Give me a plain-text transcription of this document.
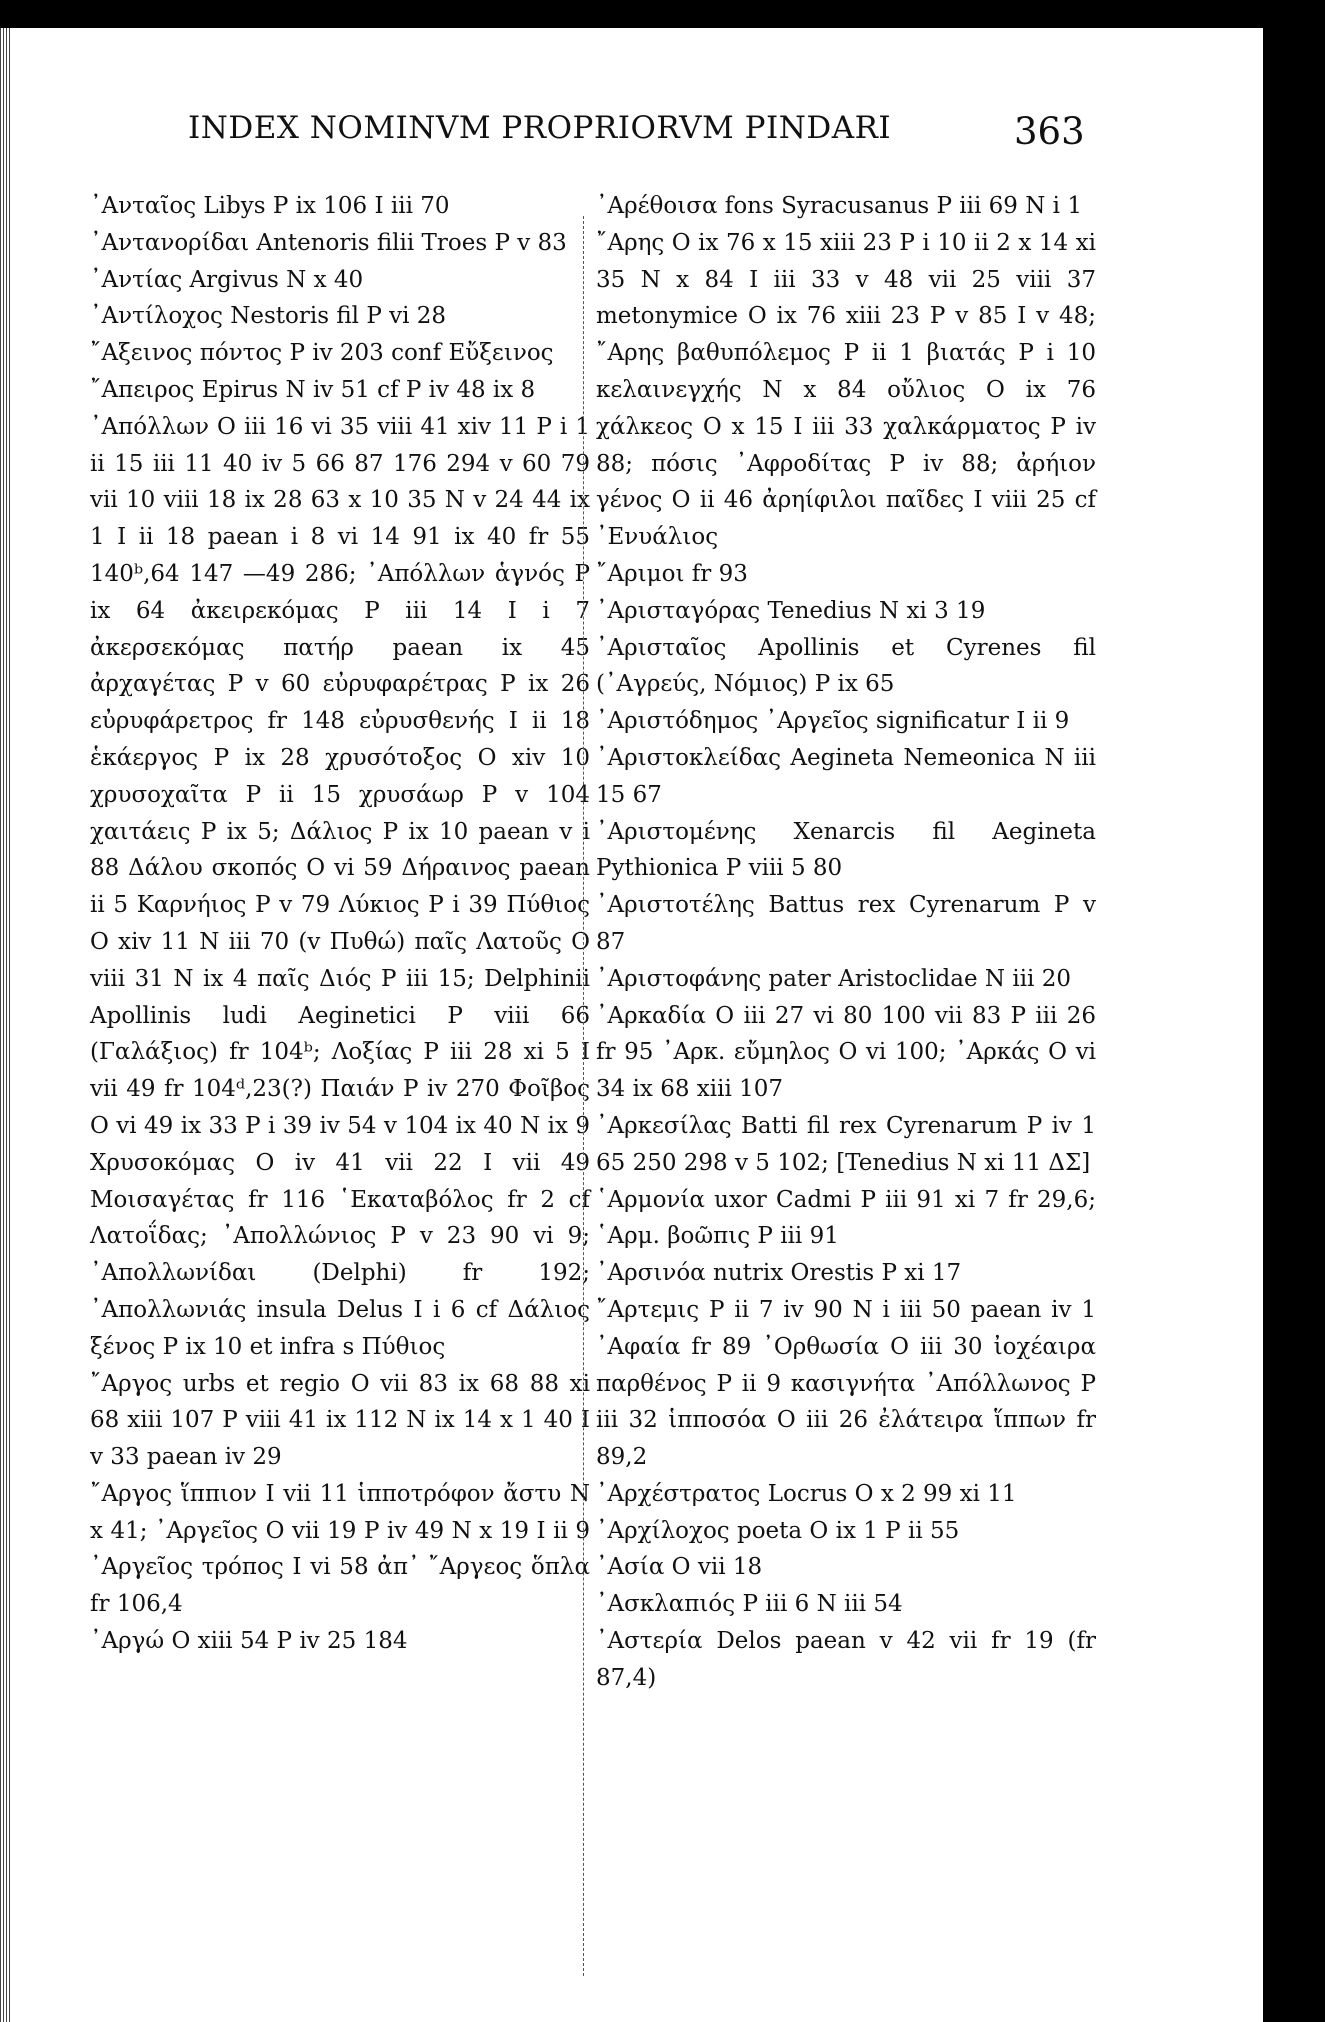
INDEX NOMINVM PROPRIORVM PINDARI	363
᾽Ανταῖος Libys P ix 106 I iii 70
᾽Αντανορίδαι Antenoris filii Troes P v 83
᾽Αντίας Argivus N x 40
᾽Αντίλοχος Nestoris fil P vi 28
῎Αξεινος πόντος P iv 203 conf Εὔξεινος
῎Απειρος Epirus N iv 51 cf P iv 48 ix 8
᾽Απόλλων O iii 16 vi 35 viii 41 xiv 11 P i 1 ii 15 iii 11 40 iv 5 66 87 176 294 v 60 79 vii 10 viii 18 ix 28 63 x 10 35 N v 24 44 ix 1 I ii 18 paean i 8 vi 14 91 ix 40 fr 55 140ᵇ,64 147 —49 286; ᾽Απόλλων ἁγνός P ix 64 ἀκειρεκόμας P iii 14 I i 7 ἀκερσεκόμας πατήρ paean ix 45 ἀρχαγέτας P v 60 εὐρυφαρέτρας P ix 26 εὐρυφάρετρος fr 148 εὐρυσθενής I ii 18 ἑκάεργος P ix 28 χρυσότοξος O xiv 10 χρυσοχαῖτα P ii 15 χρυσάωρ P v 104 χαιτάεις P ix 5; Δάλιος P ix 10 paean v i 88 Δάλου σκοπός O vi 59 Δήραινος paean ii 5 Καρνήιος P v 79 Λύκιος P i 39 Πύθιος O xiv 11 N iii 70 (v Πυθώ) παῖς Λατοῦς O viii 31 N ix 4 παῖς Διός P iii 15; Delphinii Apollinis ludi Aeginetici P viii 66 (Γαλάξιος) fr 104ᵇ; Λοξίας P iii 28 xi 5 I vii 49 fr 104ᵈ,23(?) Παιάν P iv 270 Φοῖβος O vi 49 ix 33 P i 39 iv 54 v 104 ix 40 N ix 9 Χρυσοκόμας O iv 41 vii 22 I vii 49 Μοισαγέτας fr 116 ῾Εκαταβόλος fr 2 cf Λατοΐδας; ᾽Απολλώνιος P v 23 90 vi 9; ᾽Απολλωνίδαι (Delphi) fr 192; ᾽Απολλωνιάς insula Delus I i 6 cf Δάλιος ξένος P ix 10 et infra s Πύθιος
῎Αργος urbs et regio O vii 83 ix 68 88 xi 68 xiii 107 P viii 41 ix 112 N ix 14 x 1 40 I v 33 paean iv 29
῎Αργος ἵππιον I vii 11 ἱπποτρόφον ἄστυ N x 41; ᾽Αργεῖος O vii 19 P iv 49 N x 19 I ii 9 ᾽Αργεῖος τρόπος I vi 58 ἀπ᾽ ῎Αργεος ὅπλα fr 106,4
᾽Αργώ O xiii 54 P iv 25 184
᾽Αρέθοισα fons Syracusanus P iii 69 N i 1
῎Αρης O ix 76 x 15 xiii 23 P i 10 ii 2 x 14 xi 35 N x 84 I iii 33 v 48 vii 25 viii 37 metonymice O ix 76 xiii 23 P v 85 I v 48; ῎Αρης βαθυπόλεμος P ii 1 βιατάς P i 10 κελαινεγχής N x 84 οὔλιος O ix 76 χάλκεος O x 15 I iii 33 χαλκάρματος P iv 88; πόσις ᾽Αφροδίτας P iv 88; ἀρήιον γένος O ii 46 ἀρηίφιλοι παῖδες I viii 25 cf ᾽Ενυάλιος
῎Αριμοι fr 93
᾽Αρισταγόρας Tenedius N xi 3 19
᾽Αρισταῖος Apollinis et Cyrenes fil (᾽Αγρεύς, Νόμιος) P ix 65
᾽Αριστόδημος ᾽Αργεῖος significatur I ii 9
᾽Αριστοκλείδας Aegineta Nemeonica N iii 15 67
᾽Αριστομένης Xenarcis fil Aegineta Pythionica P viii 5 80
᾽Αριστοτέλης Battus rex Cyrenarum P v 87
᾽Αριστοφάνης pater Aristoclidae N iii 20
᾽Αρκαδία O iii 27 vi 80 100 vii 83 P iii 26 fr 95 ᾽Αρκ. εὔμηλος O vi 100; ᾽Αρκάς O vi 34 ix 68 xiii 107
᾽Αρκεσίλας Batti fil rex Cyrenarum P iv 1 65 250 298 v 5 102; [Tenedius N xi 11 ΔΣ]
῾Αρμονία uxor Cadmi P iii 91 xi 7 fr 29,6; ῾Αρμ. βοῶπις P iii 91
᾽Αρσινόα nutrix Orestis P xi 17
῎Αρτεμις P ii 7 iv 90 N i iii 50 paean iv 1 ᾽Αφαία fr 89 ᾽Ορθωσία O iii 30 ἰοχέαιρα παρθένος P ii 9 κασιγνήτα ᾽Απόλλωνος P iii 32 ἱπποσόα O iii 26 ἐλάτειρα ἵππων fr 89,2
᾽Αρχέστρατος Locrus O x 2 99 xi 11
᾽Αρχίλοχος poeta O ix 1 P ii 55
᾽Ασία O vii 18
᾽Ασκλαπιός P iii 6 N iii 54
᾽Αστερία Delos paean v 42 vii fr 19 (fr 87,4)
